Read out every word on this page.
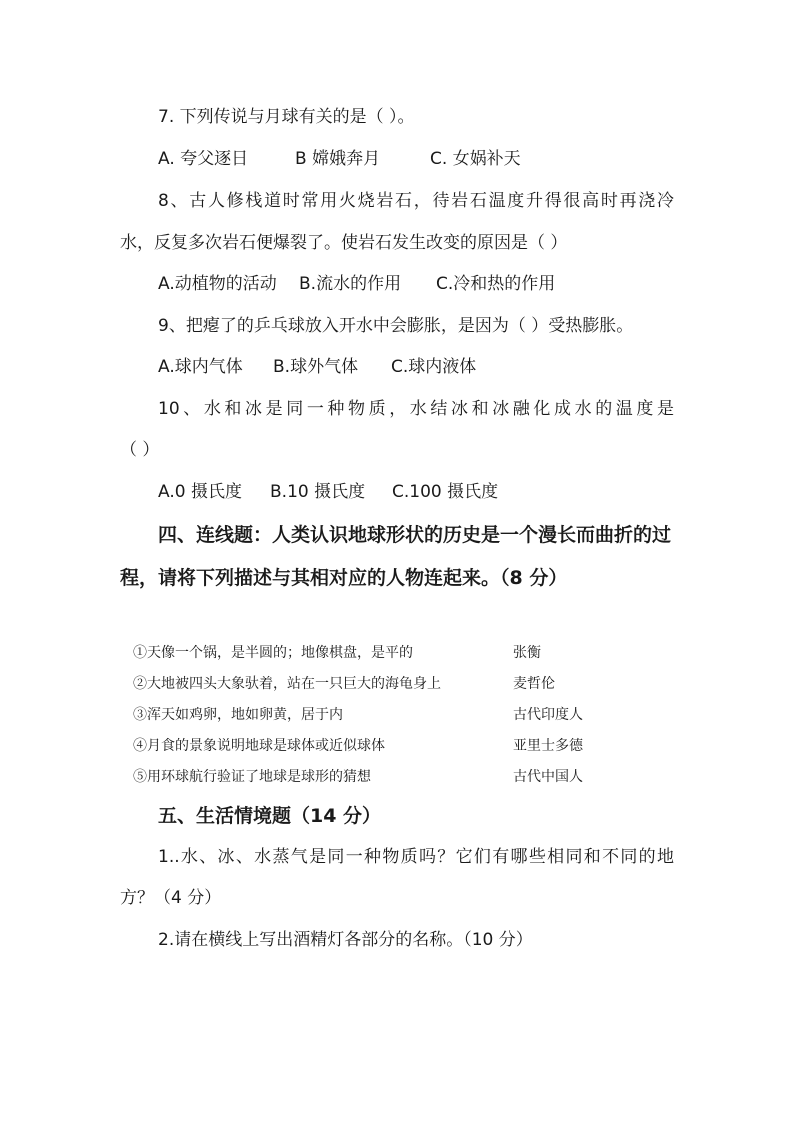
7. 下列传说与月球有关的是（ ）。
A. 夸父逐日	B 嫦娥奔月	C. 女娲补天
8、古人修栈道时常用火烧岩石，待岩石温度升得很高时再浇冷
水，反复多次岩石便爆裂了。使岩石发生改变的原因是（ ）
A.动植物的活动 B.流水的作用 C.冷和热的作用
9、把瘪了的乒乓球放入开水中会膨胀，是因为（ ）受热膨胀。
A.球内气体 B.球外气体 C.球内液体
10、水和冰是同一种物质，水结冰和冰融化成水的温度是
（ ）
A.0 摄氏度 B.10 摄氏度 C.100 摄氏度
四、连线题：人类认识地球形状的历史是一个漫长而曲折的过
程，请将下列描述与其相对应的人物连起来。（8 分）
①天像一个锅，是半圆的；地像棋盘，是平的
②大地被四头大象驮着，站在一只巨大的海龟身上
③浑天如鸡卵，地如卵黄，居于内
④月食的景象说明地球是球体或近似球体
⑤用环球航行验证了地球是球形的猜想
张衡
麦哲伦
古代印度人
亚里士多德
古代中国人
五、生活情境题（14 分）
1..水、冰、水蒸气是同一种物质吗？它们有哪些相同和不同的地
方？（4 分）
2.请在横线上写出酒精灯各部分的名称。（10 分）
